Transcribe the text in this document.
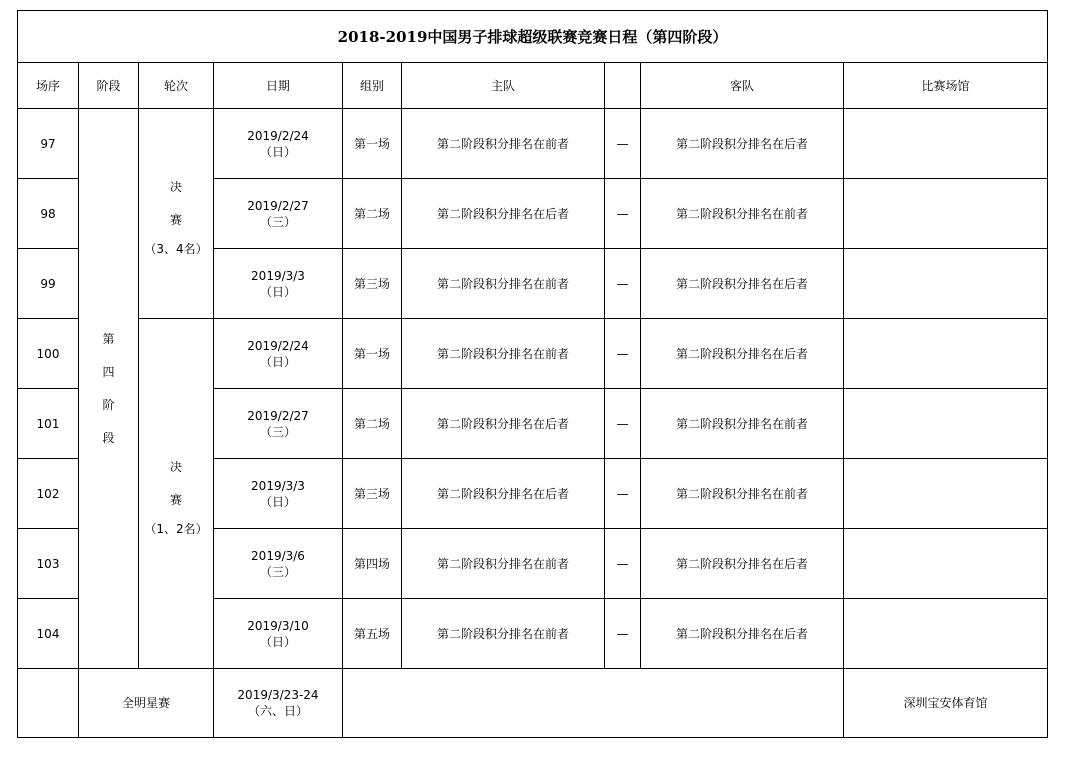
2018-2019中国男子排球超级联赛竞赛日程（第四阶段）								
场序	阶段	轮次	日期	组别	主队		客队	比赛场馆
97	第
四
阶
段	决
赛
（3、4名）	2019/2/24
（日）	第一场	第二阶段积分排名在前者	—	第二阶段积分排名在后者	
98			2019/2/27
（三）	第二场	第二阶段积分排名在后者	—	第二阶段积分排名在前者	
99			2019/3/3
（日）	第三场	第二阶段积分排名在前者	—	第二阶段积分排名在后者	
100		决
赛
（1、2名）	2019/2/24
（日）	第一场	第二阶段积分排名在前者	—	第二阶段积分排名在后者	
101			2019/2/27
（三）	第二场	第二阶段积分排名在后者	—	第二阶段积分排名在前者	
102			2019/3/3
（日）	第三场	第二阶段积分排名在后者	—	第二阶段积分排名在前者	
103			2019/3/6
（三）	第四场	第二阶段积分排名在前者	—	第二阶段积分排名在后者	
104			2019/3/10
（日）	第五场	第二阶段积分排名在前者	—	第二阶段积分排名在后者	
	全明星赛		2019/3/23-24
（六、日）					深圳宝安体育馆
